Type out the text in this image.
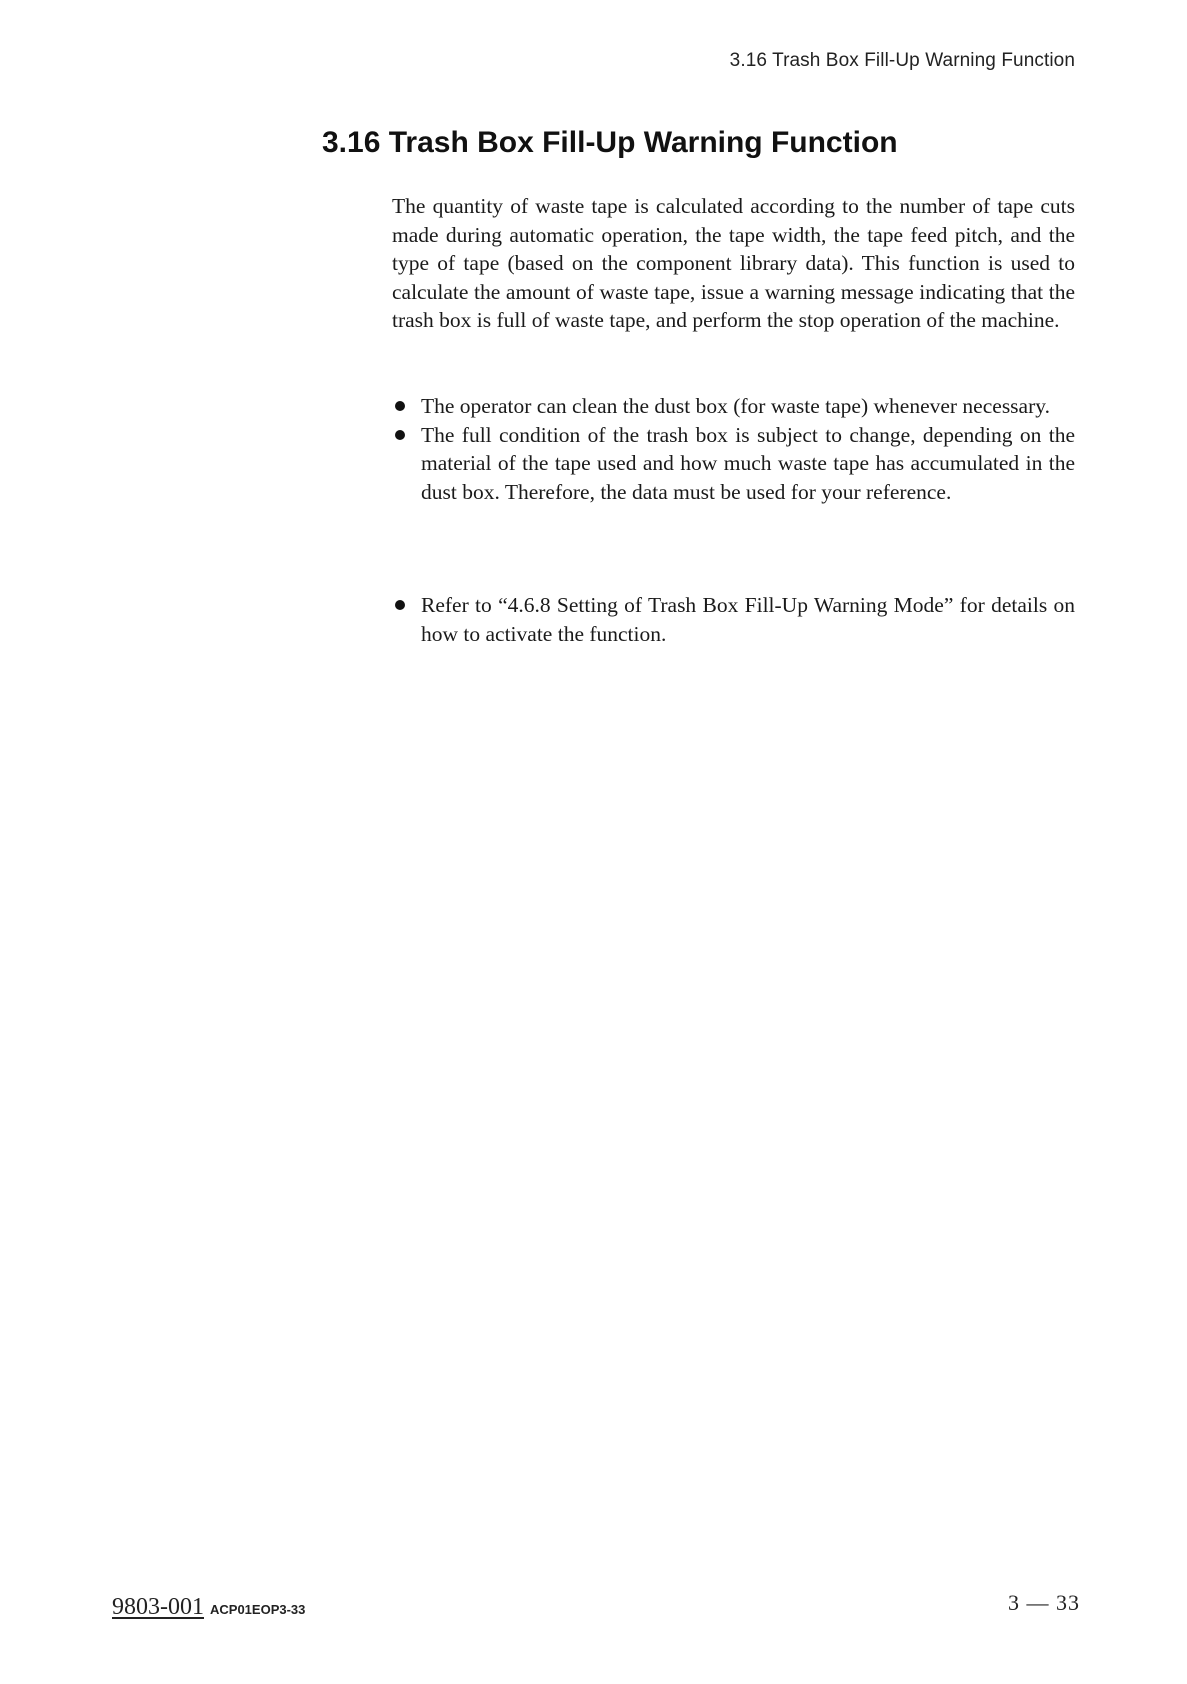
3.16 Trash Box Fill-Up Warning Function
3.16 Trash Box Fill-Up Warning Function

The quantity of waste tape is calculated according to the number of tape cuts made during automatic operation, the tape width, the tape feed pitch, and the type of tape (based on the component library data). This function is used to calculate the amount of waste tape, issue a warning message indicating that the trash box is full of waste tape, and perform the stop operation of the machine.

The operator can clean the dust box (for waste tape) whenever necessary.
The full condition of the trash box is subject to change, depending on the material of the tape used and how much waste tape has accumulated in the dust box. Therefore, the data must be used for your reference.
Refer to “4.6.8 Setting of Trash Box Fill-Up Warning Mode” for details on how to activate the function.
9803-001 ACP01EOP3-33	3 — 33
